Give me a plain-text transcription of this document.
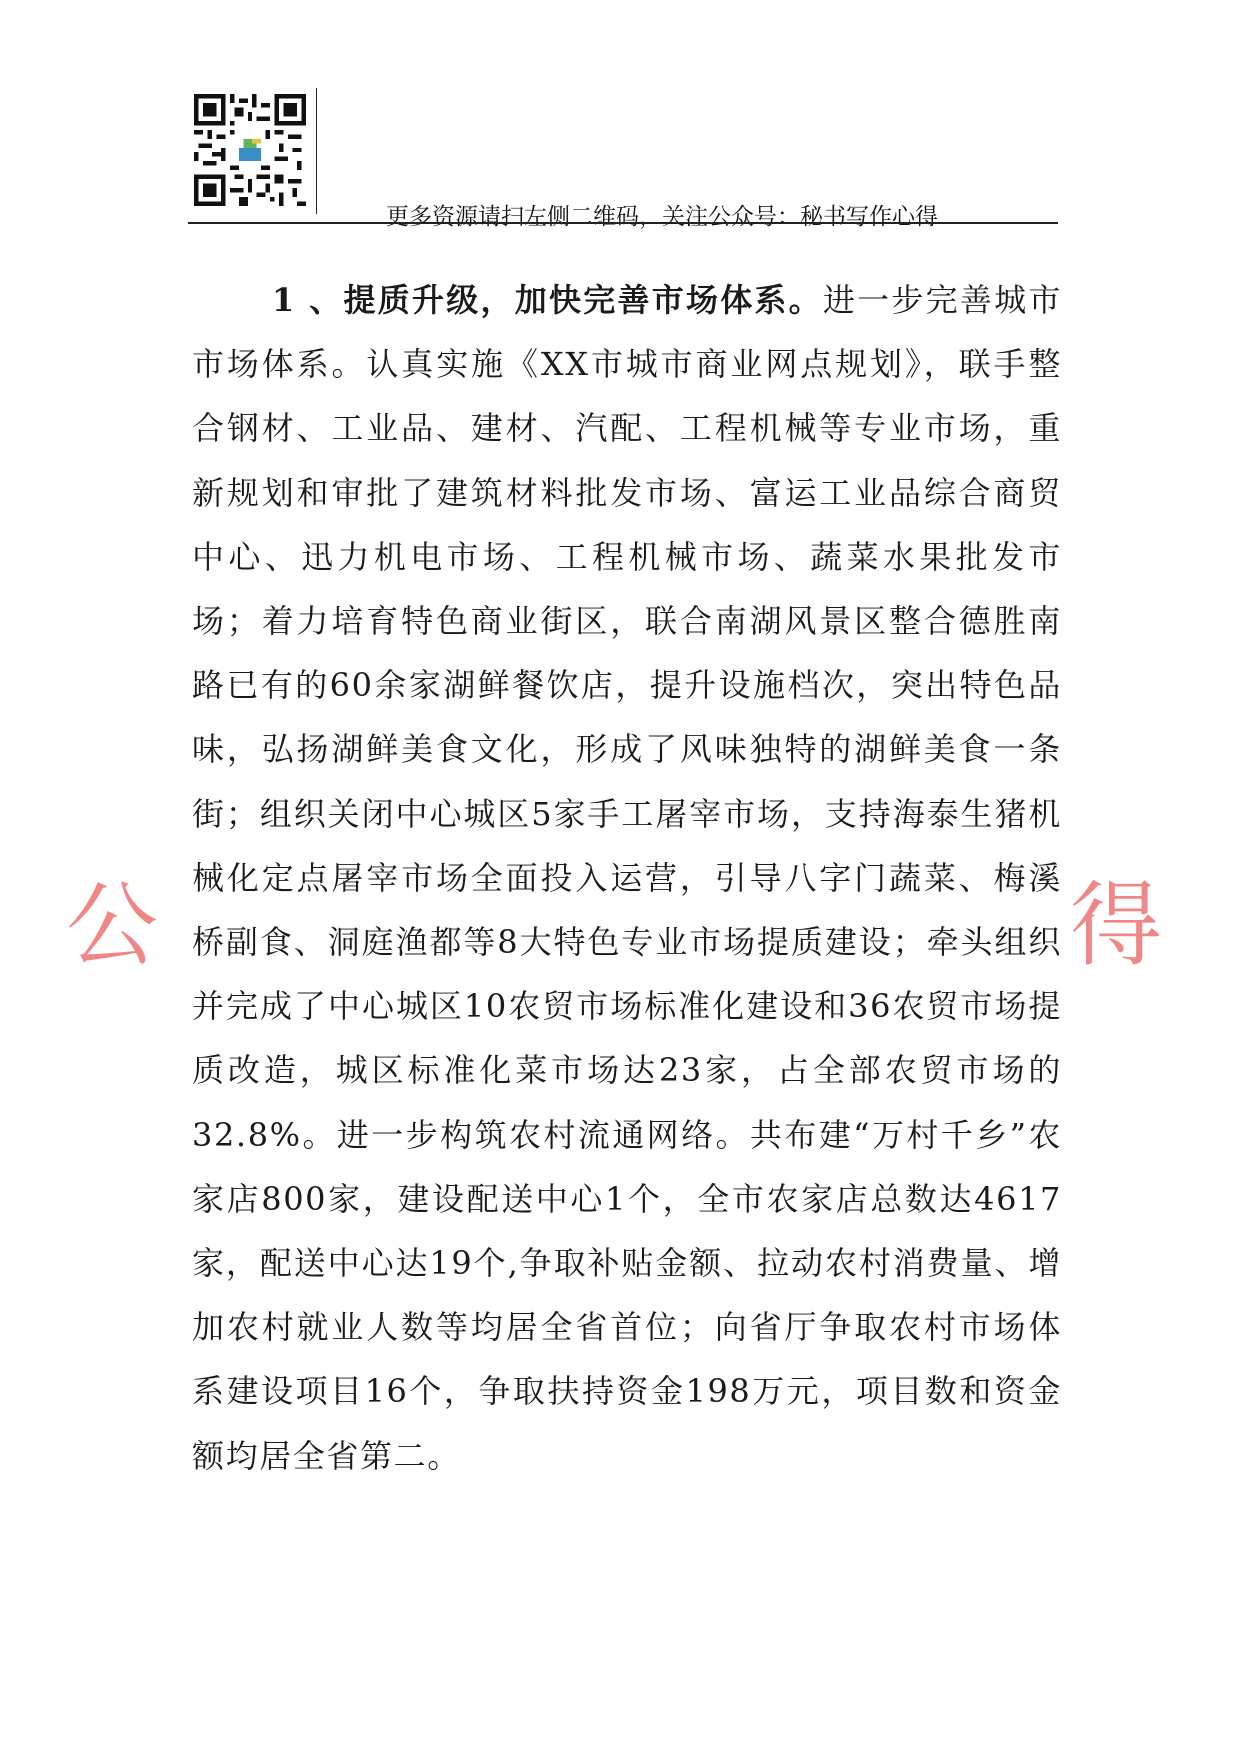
更多资源请扫左侧二维码，关注公众号：秘书写作心得
公	得

1 、提质升级，加快完善市场体系。进一步完善城市市场体系。认真实施《XX市城市商业网点规划》，联手整合钢材、工业品、建材、汽配、工程机械等专业市场，重新规划和审批了建筑材料批发市场、富运工业品综合商贸中心、迅力机电市场、工程机械市场、蔬菜水果批发市场；着力培育特色商业街区，联合南湖风景区整合德胜南路已有的60余家湖鲜餐饮店，提升设施档次，突出特色品味，弘扬湖鲜美食文化，形成了风味独特的湖鲜美食一条街；组织关闭中心城区5家手工屠宰市场，支持海泰生猪机械化定点屠宰市场全面投入运营，引导八字门蔬菜、梅溪桥副食、洞庭渔都等8大特色专业市场提质建设；牵头组织并完成了中心城区10农贸市场标准化建设和36农贸市场提质改造，城区标准化菜市场达23家，占全部农贸市场的32.8%。进一步构筑农村流通网络。共布建“万村千乡”农家店800家，建设配送中心1个，全市农家店总数达4617家，配送中心达19个,争取补贴金额、拉动农村消费量、增加农村就业人数等均居全省首位；向省厅争取农村市场体系建设项目16个，争取扶持资金198万元，项目数和资金额均居全省第二。
